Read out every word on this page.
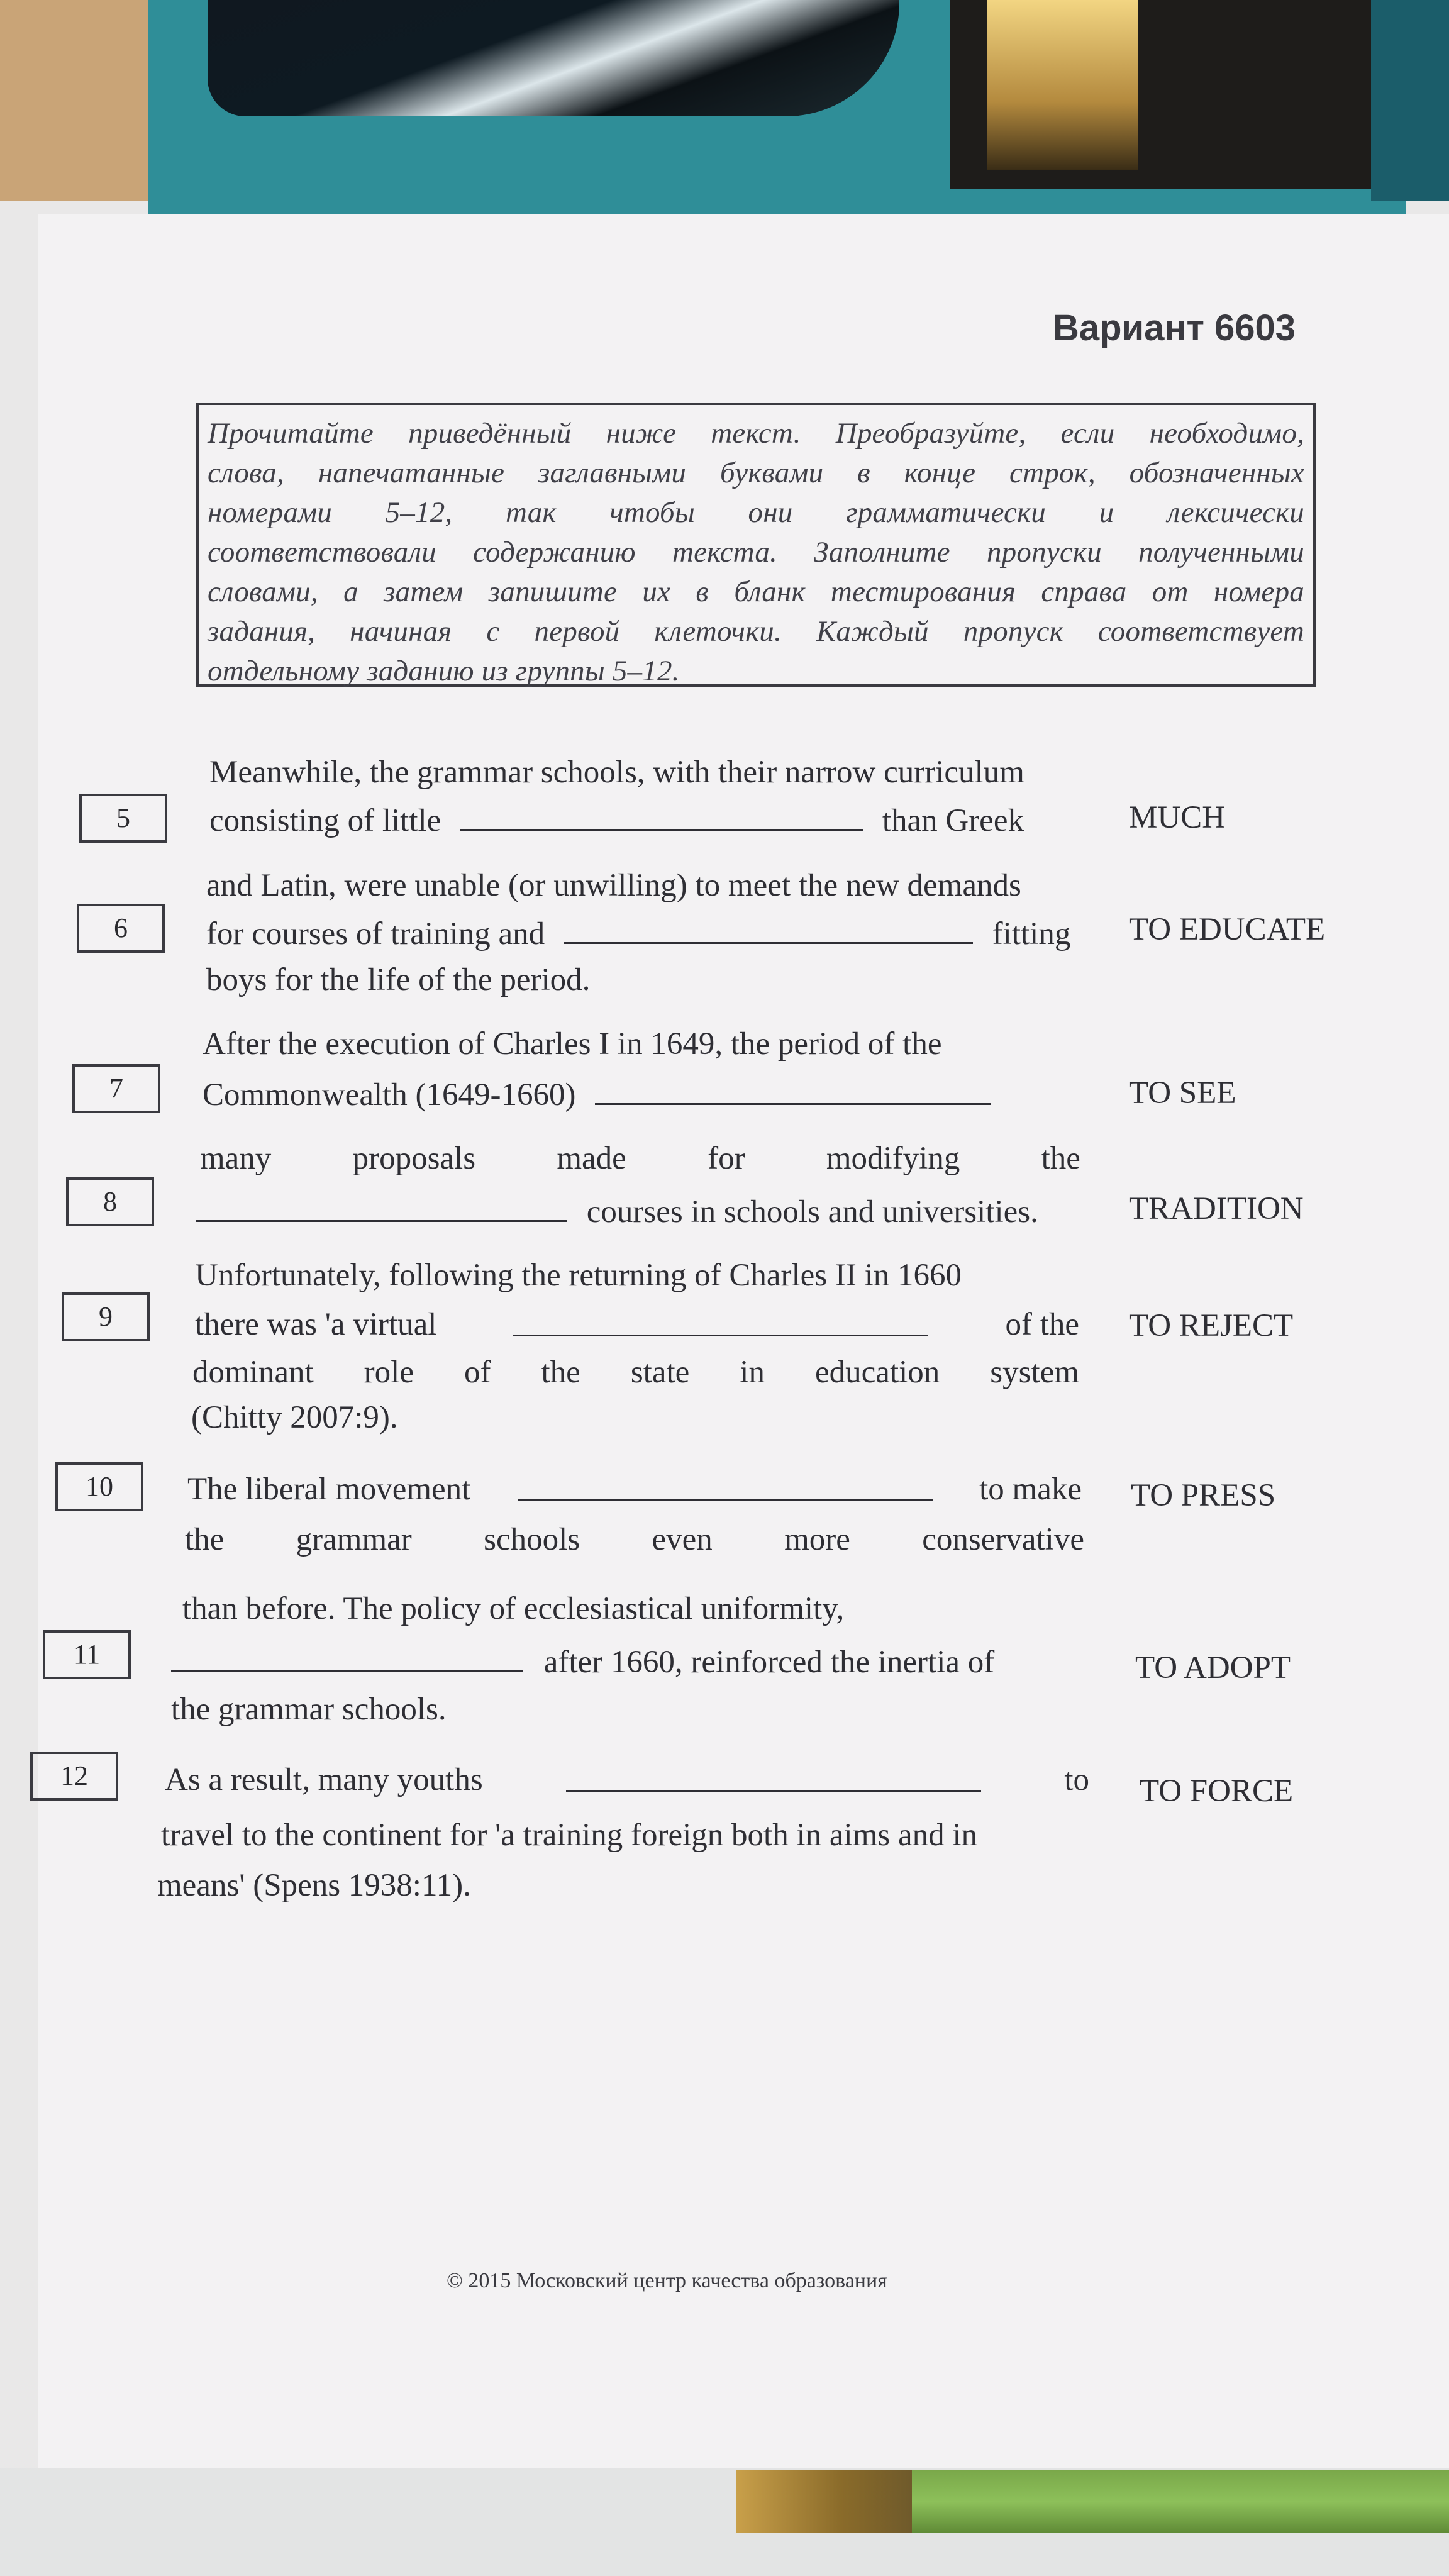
Вариант 6603
Прочитайте приведённый ниже текст. Преобразуйте, если необходимо,
слова, напечатанные заглавными буквами в конце строк, обозначенных
номерами 5–12, так чтобы они грамматически и лексически
соответствовали содержанию текста. Заполните пропуски полученными
словами, а затем запишите их в бланк тестирования справа от номера
задания, начиная с первой клеточки. Каждый пропуск соответствует
отдельному заданию из группы 5–12.
5
Meanwhile, the grammar schools, with their narrow curriculum
consisting of little	than Greek	MUCH
6
and Latin, were unable (or unwilling) to meet the new demands
for courses of training and	fitting
boys for the life of the period.
TO EDUCATE
7
After the execution of Charles I in 1649, the period of the
Commonwealth (1649-1660)	TO SEE
8
many	proposals	made	for	modifying	the
courses in schools and universities.	TRADITION
9
Unfortunately, following the returning of Charles II in 1660
there was 'a virtual	of the
dominant role of the state in education system
(Chitty 2007:9).
TO REJECT
10	The liberal movement	to make
the grammar schools even more conservative
TO PRESS
11
than before. The policy of ecclesiastical uniformity,
after 1660, reinforced the inertia of
the grammar schools.
TO ADOPT
12	As a result, many youths	to
travel to the continent for 'a training foreign both in aims and in
means' (Spens 1938:11).
TO FORCE
© 2015 Московский центр качества образования
